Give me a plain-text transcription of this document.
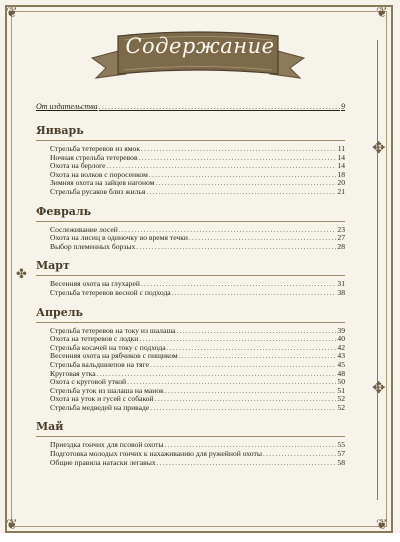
❦	❦
❦	❦
✥
✥
✤
Содержание
От издательства .....	9
Январь
Стрельба тетеревов из ямок .....	11
Ночная стрельба тетеревов .....	14
Охота на берлоге .....	14
Охота на волков с поросенком .....	18
Зимняя охота на зайцев нагоном .....	20
Стрельба русаков близ жилья .....	21
Февраль
Сослеживание лосей .....	23
Охота на лисиц в одиночку во время течки .....	27
Выбор племенных борзых .....	28
Март
Весенняя охота на глухарей .....	31
Стрельба тетеревов весной с подхода .....	38
Апрель
Стрельба тетеревов на току из шалаша .....	39
Охота на тетеревов с лодки .....	40
Стрельба косачей на току с подхода .....	42
Весенняя охота на рябчиков с пищиком .....	43
Стрельба вальдшнепов на тяге .....	45
Круговая утка .....	48
Охота с круговой уткой .....	50
Стрельба уток из шалаша на манок .....	51
Охота на уток и гусей с собакой .....	52
Стрельба медведей на приваде .....	52
Май
Приездка гончих для псовой охоты .....	55
Подготовка молодых гончих к нахаживанию для ружейной охоты .....	57
Общие правила натаски легавых .....	58
